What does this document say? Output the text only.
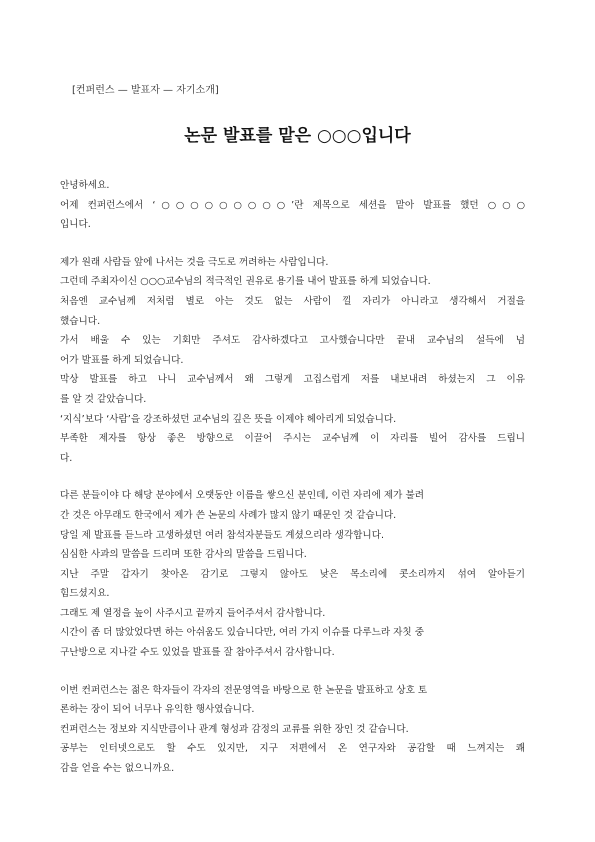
[컨퍼런스 — 발표자 — 자기소개]
논문 발표를 맡은 ○○○입니다
안녕하세요.
어제 컨퍼런스에서 ‘○○○○○○○○○’란 제목으로 세션을 맡아 발표를 했던 ○○○
입니다.
제가 원래 사람들 앞에 나서는 것을 극도로 꺼려하는 사람입니다.
그런데 주최자이신 ○○○교수님의 적극적인 권유로 용기를 내어 발표를 하게 되었습니다.
처음엔 교수님께 저처럼 별로 아는 것도 없는 사람이 낄 자리가 아니라고 생각해서 거절을
했습니다.
가서 배울 수 있는 기회만 주셔도 감사하겠다고 고사했습니다만 끝내 교수님의 설득에 넘
어가 발표를 하게 되었습니다.
막상 발표를 하고 나니 교수님께서 왜 그렇게 고집스럽게 저를 내보내려 하셨는지 그 이유
를 알 것 같았습니다.
‘지식’보다 ‘사람’을 강조하셨던 교수님의 깊은 뜻을 이제야 헤아리게 되었습니다.
부족한 제자를 항상 좋은 방향으로 이끌어 주시는 교수님께 이 자리를 빌어 감사를 드립니
다.
다른 분들이야 다 해당 분야에서 오랫동안 이름을 쌓으신 분인데, 이런 자리에 제가 불려
간 것은 아무래도 한국에서 제가 쓴 논문의 사례가 많지 않기 때문인 것 같습니다.
당일 제 발표를 듣느라 고생하셨던 여러 참석자분들도 계셨으리라 생각합니다.
심심한 사과의 말씀을 드리며 또한 감사의 말씀을 드립니다.
지난 주말 갑자기 찾아온 감기로 그렇지 않아도 낮은 목소리에 콧소리까지 섞여 알아듣기
힘드셨지요.
그래도 제 열정을 높이 사주시고 끝까지 들어주셔서 감사합니다.
시간이 좀 더 많았었다면 하는 아쉬움도 있습니다만, 여러 가지 이슈를 다루느라 자칫 중
구난방으로 지나갈 수도 있었을 발표를 잘 참아주셔서 감사합니다.
이번 컨퍼런스는 젊은 학자들이 각자의 전문영역을 바탕으로 한 논문을 발표하고 상호 토
론하는 장이 되어 너무나 유익한 행사였습니다.
컨퍼런스는 정보와 지식만큼이나 관계 형성과 감정의 교류를 위한 장인 것 같습니다.
공부는 인터넷으로도 할 수도 있지만, 지구 저편에서 온 연구자와 공감할 때 느껴지는 쾌
감을 얻을 수는 없으니까요.
